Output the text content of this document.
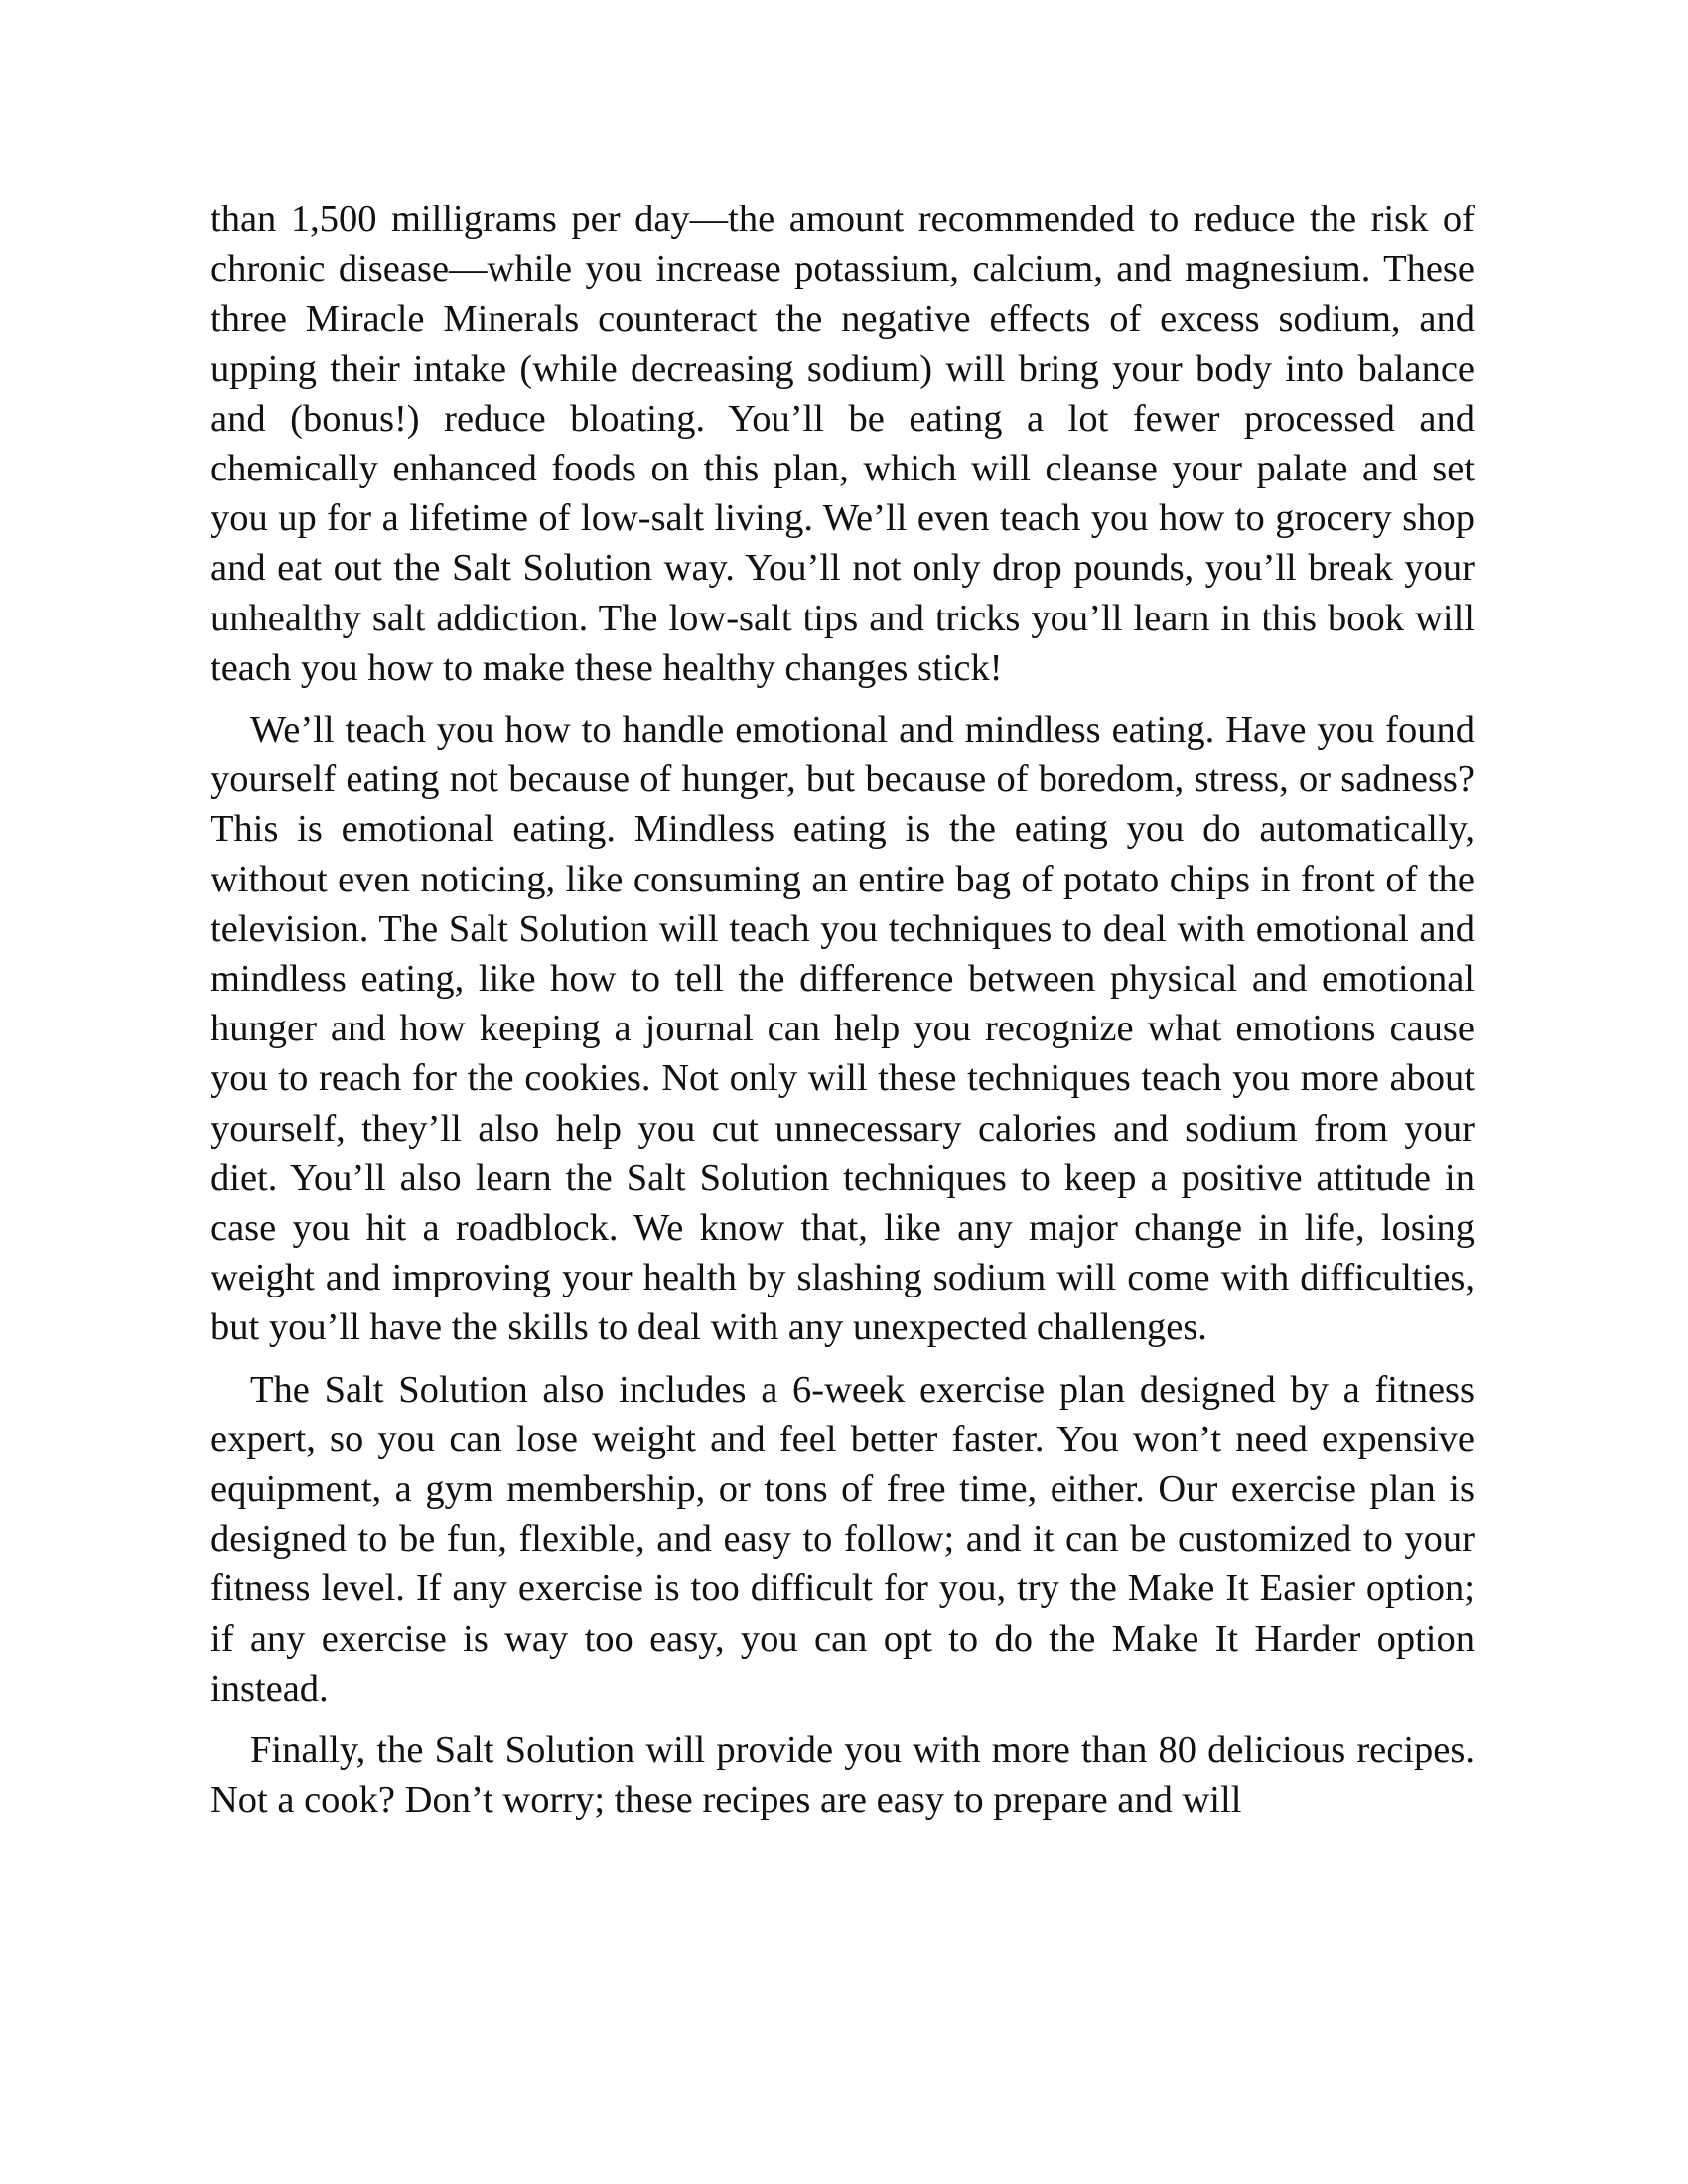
than 1,500 milligrams per day—the amount recommended to reduce the risk of chronic disease—while you increase potassium, calcium, and magnesium. These three Miracle Minerals counteract the negative effects of excess sodium, and upping their intake (while decreasing sodium) will bring your body into balance and (bonus!) reduce bloating. You’ll be eating a lot fewer processed and chemically enhanced foods on this plan, which will cleanse your palate and set you up for a lifetime of low-salt living. We’ll even teach you how to grocery shop and eat out the Salt Solution way. You’ll not only drop pounds, you’ll break your unhealthy salt addiction. The low-salt tips and tricks you’ll learn in this book will teach you how to make these healthy changes stick!

We’ll teach you how to handle emotional and mindless eating. Have you found yourself eating not because of hunger, but because of boredom, stress, or sadness? This is emotional eating. Mindless eating is the eating you do automatically, without even noticing, like consuming an entire bag of potato chips in front of the television. The Salt Solution will teach you techniques to deal with emotional and mindless eating, like how to tell the difference between physical and emotional hunger and how keeping a journal can help you recognize what emotions cause you to reach for the cookies. Not only will these techniques teach you more about yourself, they’ll also help you cut unnecessary calories and sodium from your diet. You’ll also learn the Salt Solution techniques to keep a positive attitude in case you hit a roadblock. We know that, like any major change in life, losing weight and improving your health by slashing sodium will come with difficulties, but you’ll have the skills to deal with any unexpected challenges.

The Salt Solution also includes a 6-week exercise plan designed by a fitness expert, so you can lose weight and feel better faster. You won’t need expensive equipment, a gym membership, or tons of free time, either. Our exercise plan is designed to be fun, flexible, and easy to follow; and it can be customized to your fitness level. If any exercise is too difficult for you, try the Make It Easier option; if any exercise is way too easy, you can opt to do the Make It Harder option instead.

Finally, the Salt Solution will provide you with more than 80 delicious recipes. Not a cook? Don’t worry; these recipes are easy to prepare and will
